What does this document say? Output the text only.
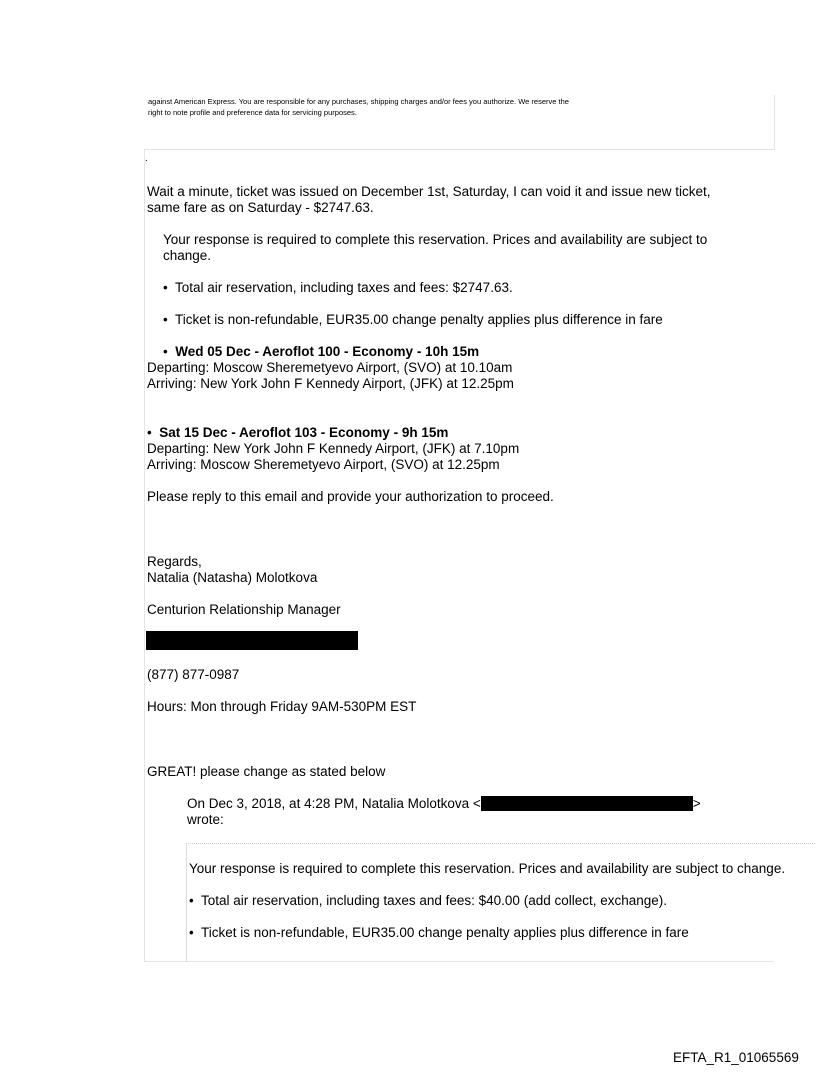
against American Express. You are responsible for any purchases, shipping charges and/or fees you authorize. We reserve the
right to note profile and preference data for servicing purposes.
.
Wait a minute, ticket was issued on December 1st, Saturday, I can void it and issue new ticket,
same fare as on Saturday - $2747.63.
Your response is required to complete this reservation. Prices and availability are subject to
change.
• Total air reservation, including taxes and fees: $2747.63.
• Ticket is non-refundable, EUR35.00 change penalty applies plus difference in fare
• Wed 05 Dec - Aeroflot 100 - Economy - 10h 15m
Departing: Moscow Sheremetyevo Airport, (SVO) at 10.10am
Arriving: New York John F Kennedy Airport, (JFK) at 12.25pm
• Sat 15 Dec - Aeroflot 103 - Economy - 9h 15m
Departing: New York John F Kennedy Airport, (JFK) at 7.10pm
Arriving: Moscow Sheremetyevo Airport, (SVO) at 12.25pm
Please reply to this email and provide your authorization to proceed.
Regards,
Natalia (Natasha) Molotkova
Centurion Relationship Manager
(877) 877-0987
Hours: Mon through Friday 9AM-530PM EST
GREAT! please change as stated below
On Dec 3, 2018, at 4:28 PM, Natalia Molotkova <	>
wrote:
Your response is required to complete this reservation. Prices and availability are subject to change.
• Total air reservation, including taxes and fees: $40.00 (add collect, exchange).
• Ticket is non-refundable, EUR35.00 change penalty applies plus difference in fare
EFTA_R1_01065569
